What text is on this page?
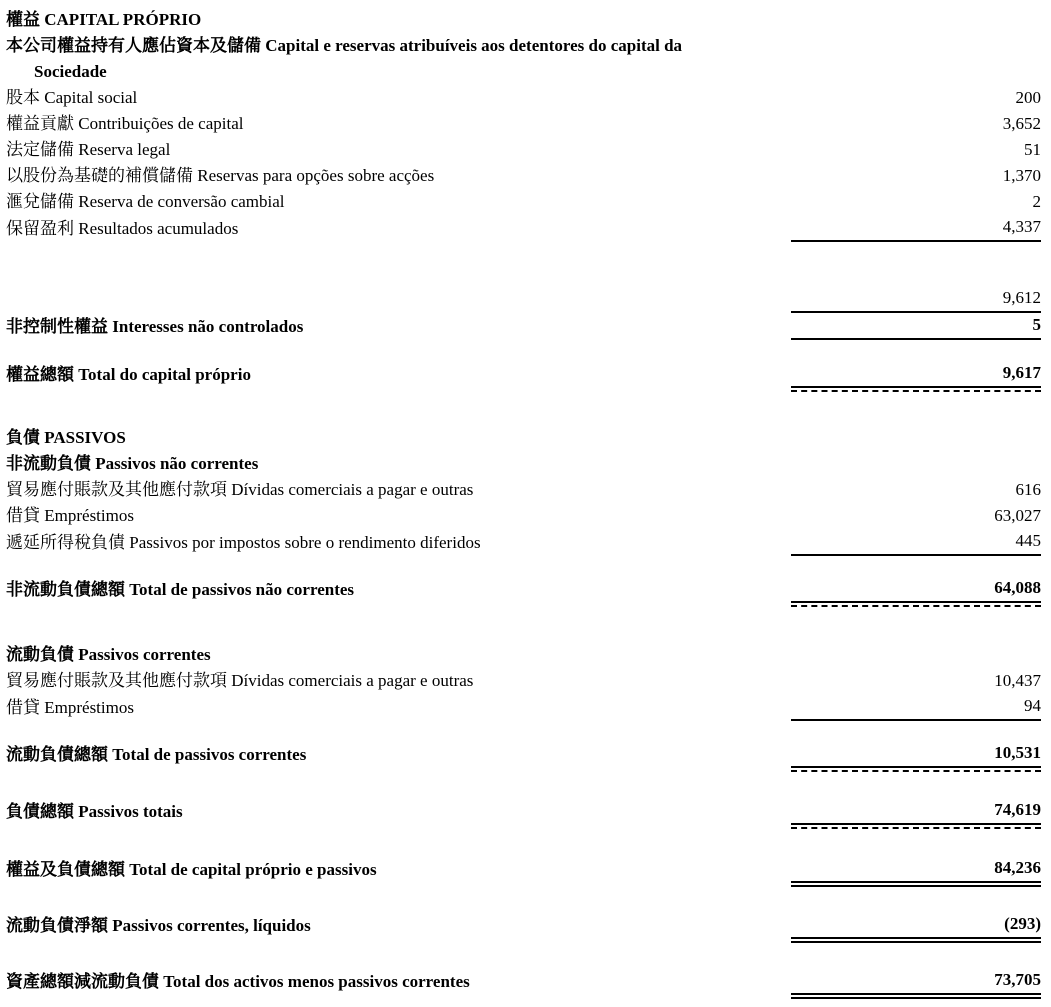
權益 CAPITAL PRÓPRIO
本公司權益持有人應佔資本及儲備 Capital e reservas atribuíveis aos detentores do capital da
Sociedade
股本 Capital social	200
權益貢獻 Contribuições de capital	3,652
法定儲備 Reserva legal	51
以股份為基礎的補償儲備 Reservas para opções sobre acções	1,370
滙兌儲備 Reserva de conversão cambial	2
保留盈利 Resultados acumulados	4,337
9,612
非控制性權益 Interesses não controlados	5
權益總額 Total do capital próprio	9,617
負債 PASSIVOS
非流動負債 Passivos não correntes
貿易應付賬款及其他應付款項 Dívidas comerciais a pagar e outras	616
借貸 Empréstimos	63,027
遞延所得稅負債 Passivos por impostos sobre o rendimento diferidos	445
非流動負債總額 Total de passivos não correntes	64,088
流動負債 Passivos correntes
貿易應付賬款及其他應付款項 Dívidas comerciais a pagar e outras	10,437
借貸 Empréstimos	94
流動負債總額 Total de passivos correntes	10,531
負債總額 Passivos totais	74,619
權益及負債總額 Total de capital próprio e passivos	84,236
流動負債淨額 Passivos correntes, líquidos	(293)
資產總額減流動負債 Total dos activos menos passivos correntes	73,705
